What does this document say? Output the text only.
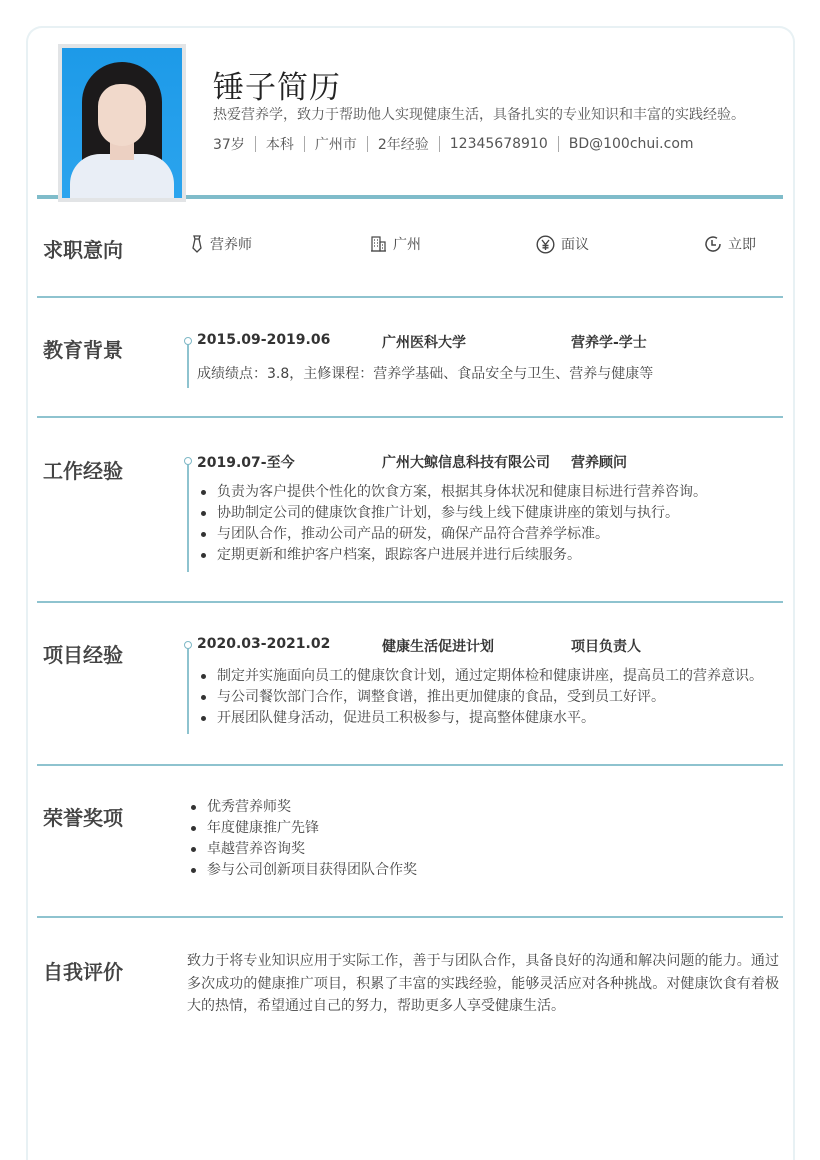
锤子简历
热爱营养学，致力于帮助他人实现健康生活，具备扎实的专业知识和丰富的实践经验。
37岁 本科 广州市 2年经验 12345678910 BD@100chui.com
求职意向	营养师	广州	面议	立即
教育背景	2015.09-2019.06	广州医科大学	营养学-学士
成绩绩点：3.8，主修课程：营养学基础、食品安全与卫生、营养与健康等
工作经验	2019.07-至今	广州大鲸信息科技有限公司	营养顾问
负责为客户提供个性化的饮食方案，根据其身体状况和健康目标进行营养咨询。
协助制定公司的健康饮食推广计划，参与线上线下健康讲座的策划与执行。
与团队合作，推动公司产品的研发，确保产品符合营养学标准。
定期更新和维护客户档案，跟踪客户进展并进行后续服务。
项目经验	2020.03-2021.02	健康生活促进计划	项目负责人
制定并实施面向员工的健康饮食计划，通过定期体检和健康讲座，提高员工的营养意识。
与公司餐饮部门合作，调整食谱，推出更加健康的食品，受到员工好评。
开展团队健身活动，促进员工积极参与，提高整体健康水平。
荣誉奖项	优秀营养师奖
年度健康推广先锋
卓越营养咨询奖
参与公司创新项目获得团队合作奖
自我评价	致力于将专业知识应用于实际工作，善于与团队合作，具备良好的沟通和解决问题的能力。通过多次成功的健康推广项目，积累了丰富的实践经验，能够灵活应对各种挑战。对健康饮食有着极大的热情，希望通过自己的努力，帮助更多人享受健康生活。
